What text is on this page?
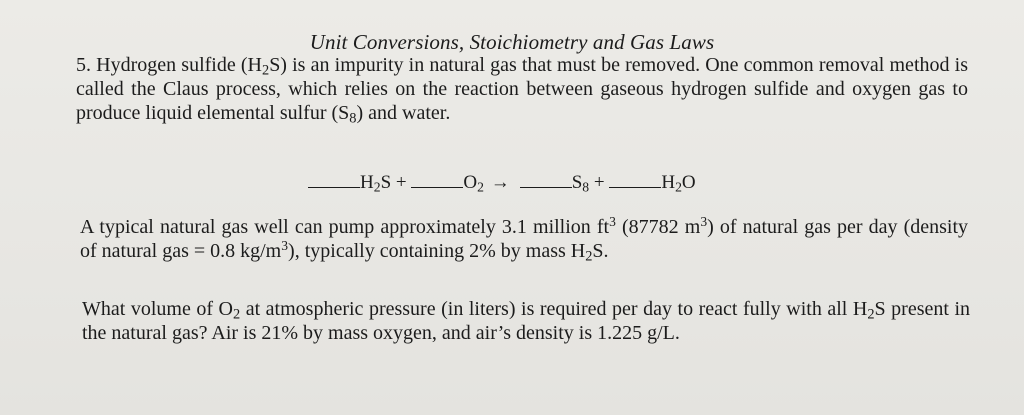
Unit Conversions, Stoichiometry and Gas Laws

5. Hydrogen sulfide $(H_2S)$ is an impurity in natural gas that must be removed. One common removal method is called the Claus process, which relies on the reaction between gaseous hydrogen sulfide and oxygen gas to produce liquid elemental sulfur $(S_8)$ and water.

$H_2S$ +	$O_2$ →	$S_8$ +	$H_2O$

A typical natural gas well can pump approximately 3.1 million $ft^3$ (87782 $m^3$) of natural gas per day (density of natural gas = 0.8 $kg/m^3$), typically containing 2% by mass $H_2S$.

What volume of $O_2$ at atmospheric pressure (in liters) is required per day to react fully with all $H_2S$ present in the natural gas? Air is 21% by mass oxygen, and air’s density is 1.225 g/L.
